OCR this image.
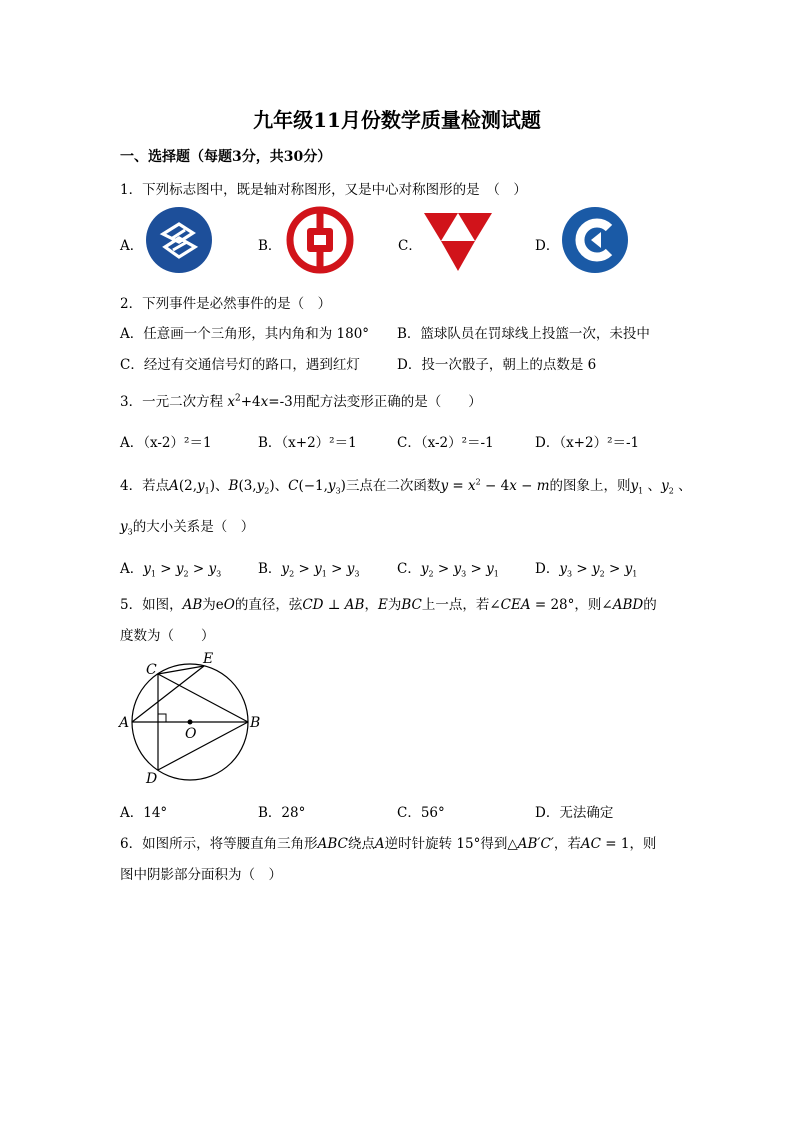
九年级11月份数学质量检测试题
一、选择题（每题3分，共30分）
1．下列标志图中，既是轴对称图形，又是中心对称图形的是　（　）
A．	B．	C．	D．
2．下列事件是必然事件的是（　）
A．任意画一个三角形，其内角和为 180° B．篮球队员在罚球线上投篮一次，未投中
C．经过有交通信号灯的路口，遇到红灯	D．投一次骰子，朝上的点数是 6
3．一元二次方程 $x^2+4x=-3$用配方法变形正确的是（　　）
A．（x-2）²＝1	B．（x+2）²＝1	C．（x-2）²＝-1	D．（x+2）²＝-1
4．若点$A(2,y_1)$、$B(3,y_2)$、$C(-1,y_3)$三点在二次函数$y = x^2 - 4x - m$的图象上，则$y_1$ 、$y_2$ 、
$y_3$的大小关系是（　）
A．$y_1 > y_2 > y_3$	B．$y_2 > y_1 > y_3$	C．$y_2 > y_3 > y_1$	D．$y_3 > y_2 > y_1$
5．如图，AB为eO的直径，弦CD ⊥ AB，E为BC上一点，若∠CEA = 28°，则∠ABD的
度数为（　　）
C
E
A
O
B
D
A．14°	B．28°	C．56°	D．无法确定
6．如图所示，将等腰直角三角形ABC绕点A逆时针旋转 15°得到△AB′C′，若AC = 1，则
图中阴影部分面积为（　）
